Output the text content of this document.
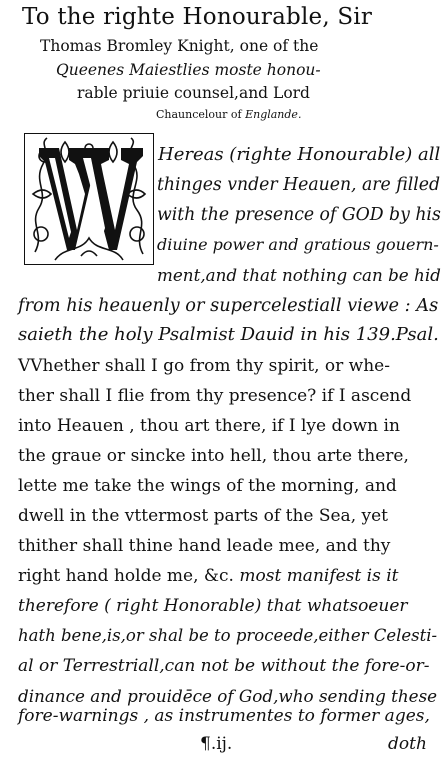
To the righte Honourable, Sir
Thomas Bromley Knight, one of the
Queenes Maiestlies moste honou-
rable priuie counsel,and Lord
Chauncelour of Englande.
Hereas (righte Honourable) all
thinges vnder Heauen, are filled
with the presence of GOD by his
diuine power and gratious gouern-
ment,and that nothing can be hid
from his heauenly or supercelestiall viewe : As
saieth the holy Psalmist Dauid in his 139.Psal.
VVhether shall I go from thy spirit, or whe-
ther shall I flie from thy presence? if I ascend
into Heauen , thou art there, if I lye down in
the graue or sincke into hell, thou arte there,
lette me take the wings of the morning, and
dwell in the vttermost parts of the Sea, yet
thither shall thine hand leade mee, and thy
right hand holde me, &c. most manifest is it
therefore ( right Honorable) that whatsoeuer
hath bene,is,or shal be to proceede,either Celesti-
al or Terrestriall,can not be without the fore-or-
dinance and prouidēce of God,who sending these
fore-warnings , as instrumentes to former ages,
¶.ij.	doth
